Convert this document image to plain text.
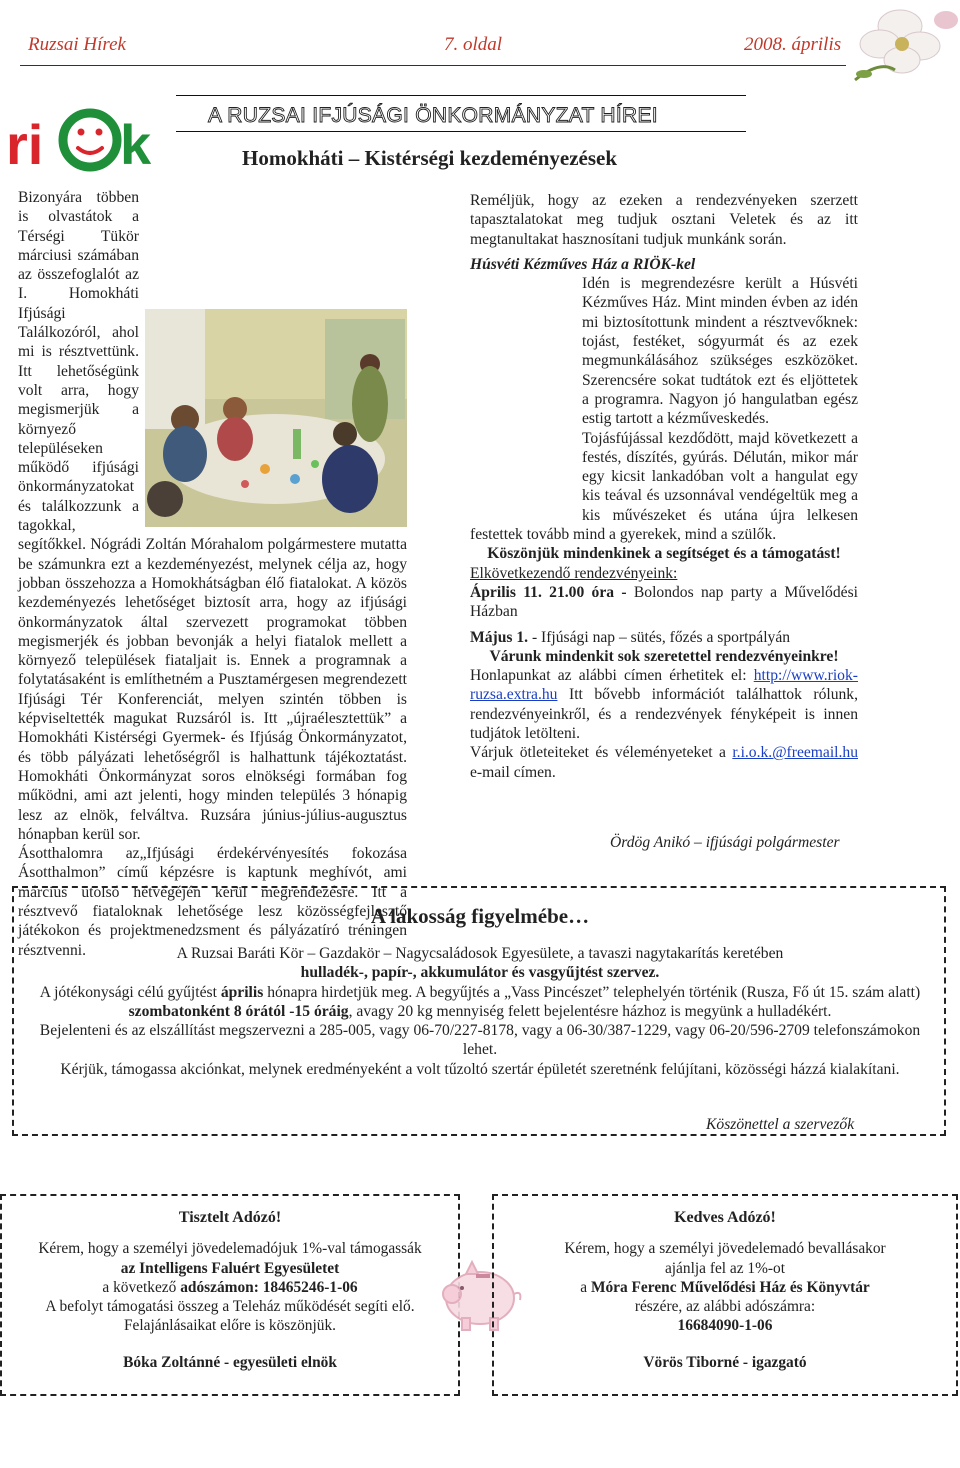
Ruzsai Hírek	7. oldal	2008. április
ri k	A RUZSAI IFJÚSÁGI ÖNKORMÁNYZAT HÍREI
Homokháti – Kistérségi kezdeményezések

Bizonyára többen is olvastátok a Térségi Tükör márciusi számában az összefoglalót az I. Homokháti Ifjúsági Találkozóról, ahol mi is résztvettünk. Itt lehetőségünk volt arra, hogy megismerjük a környező településeken működő ifjúsági önkormányzatokat és találkozzunk a tagokkal, segítőkkel. Nógrádi Zoltán Mórahalom polgármestere mutatta be számunkra ezt a kezdeményezést, melynek célja az, hogy jobban összehozza a Homokhátságban élő fiatalokat. A közös kezdeményezés lehetőséget biztosít arra, hogy az ifjúsági önkormányzatok által szervezett programokat többen megismerjék és jobban bevonják a helyi fiatalok mellett a környező települések fiataljait is. Ennek a programnak a folytatásaként is említhetném a Pusztamérgesen megrendezett Ifjúsági Tér Konferenciát, melyen szintén többen is képviseltették magukat Ruzsáról is. Itt „újraélesztettük” a Homokháti Kistérségi Gyermek- és Ifjúság Önkormányzatot, és több pályázati lehetőségről is halhattunk tájékoztatást. Homokháti Önkormányzat soros elnökségi formában fog működni, ami azt jelenti, hogy minden település 3 hónapig lesz az elnök, felváltva. Ruzsára június-július-augusztus hónapban kerül sor.

Ásotthalomra az„Ifjúsági érdekérvényesítés fokozása Ásotthalmon” című képzésre is kaptunk meghívót, ami március utolsó hétvégéjén kerül megrendezésre. Itt a résztvevő fiataloknak lehetősége lesz közösségfejlesztő játékokon és projektmenedzsment és pályázatíró tréningen résztvenni.

Reméljük, hogy az ezeken a rendezvényeken szerzett tapasztalatokat meg tudjuk osztani Veletek és az itt megtanultakat hasznosítani tudjuk munkánk során.

Húsvéti Kézműves Ház a RIÖK-kel

Idén is megrendezésre került a Húsvéti Kézműves Ház. Mint minden évben az idén mi biztosítottunk mindent a résztvevőknek: tojást, festéket, sógyurmát és az ezek megmunkálásához szükséges eszközöket. Szerencsére sokat tudtátok ezt és eljöttetek a programra. Nagyon jó hangulatban egész estig tartott a kézműveskedés.

Tojásfújással kezdődött, majd következett a festés, díszítés, gyúrás. Délután, mikor már egy kicsit lankadóban volt a hangulat egy kis teával és uzsonnával vendégeltük meg a kis művészeket és utána újra lelkesen festettek tovább mind a gyerekek, mind a szülők.

Köszönjük mindenkinek a segítséget és a támogatást!

Elkövetkezendő rendezvényeink:

Április 11. 21.00 óra - Bolondos nap party a Művelődési Házban

Május 1. - Ifjúsági nap – sütés, főzés a sportpályán

Várunk mindenkit sok szeretettel rendezvényeinkre!

Honlapunkat az alábbi címen érhetitek el: http://www.riok-ruzsa.extra.hu Itt bővebb információt találhattok rólunk, rendezvényeinkről, és a rendezvények fényképeit is innen tudjátok letölteni.

Várjuk ötleteiteket és véleményeteket a r.i.o.k.@freemail.hu e-mail címen.

Ördög Anikó – ifjúsági polgármester
A lakosság figyelmébe…

A Ruzsai Baráti Kör – Gazdakör – Nagycsaládosok Egyesülete, a tavaszi nagytakarítás keretében

hulladék-, papír-, akkumulátor és vasgyűjtést szervez.

A jótékonysági célú gyűjtést április hónapra hirdetjük meg. A begyűjtés a „Vass Pincészet” telephelyén történik (Rusza, Fő út 15. szám alatt) szombatonként 8 órától -15 óráig, avagy 20 kg mennyiség felett bejelentésre házhoz is megyünk a hulladékért.

Bejelenteni és az elszállítást megszervezni a 285-005, vagy 06-70/227-8178, vagy a 06-30/387-1229, vagy 06-20/596-2709 telefonszámokon lehet.

Kérjük, támogassa akciónkat, melynek eredményeként a volt tűzoltó szertár épületét szeretnénk felújítani, közösségi házzá kialakítani.

Köszönettel a szervezők

Tisztelt Adózó!

Kérem, hogy a személyi jövedelemadójuk 1%-val támogassák

az Intelligens Faluért Egyesületet

a következő adószámon: 18465246-1-06

A befolyt támogatási összeg a Teleház működését segíti elő.

Felajánlásaikat előre is köszönjük.

Bóka Zoltánné - egyesületi elnök

Kedves Adózó!

Kérem, hogy a személyi jövedelemadó bevallásakor

ajánlja fel az 1%-ot

a Móra Ferenc Művelődési Ház és Könyvtár

részére, az alábbi adószámra:

16684090-1-06

Vörös Tiborné - igazgató
